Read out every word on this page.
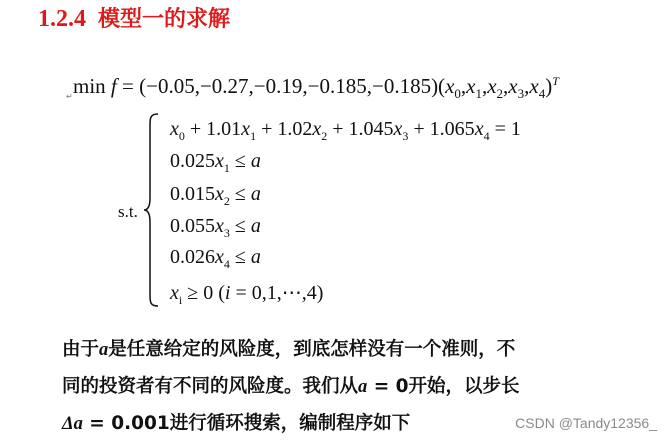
1.2.4 模型一的求解
↵ $\min f = (-0.05,-0.27,-0.19,-0.185,-0.185)(x_0,x_1,x_2,x_3,x_4)^T$
s.t.
$x_0 + 1.01x_1 + 1.02x_2 + 1.045x_3 + 1.065x_4 = 1$
$0.025x_1 \le a$
$0.015x_2 \le a$
$0.055x_3 \le a$
$0.026x_4 \le a$
$x_i \ge 0$ (i = 0,1,⋯,4)
由于a是任意给定的风险度，到底怎样没有一个准则，不
同的投资者有不同的风险度。我们从a = 0开始，以步长
Δa = 0.001进行循环搜索，编制程序如下	CSDN @Tandy12356_
